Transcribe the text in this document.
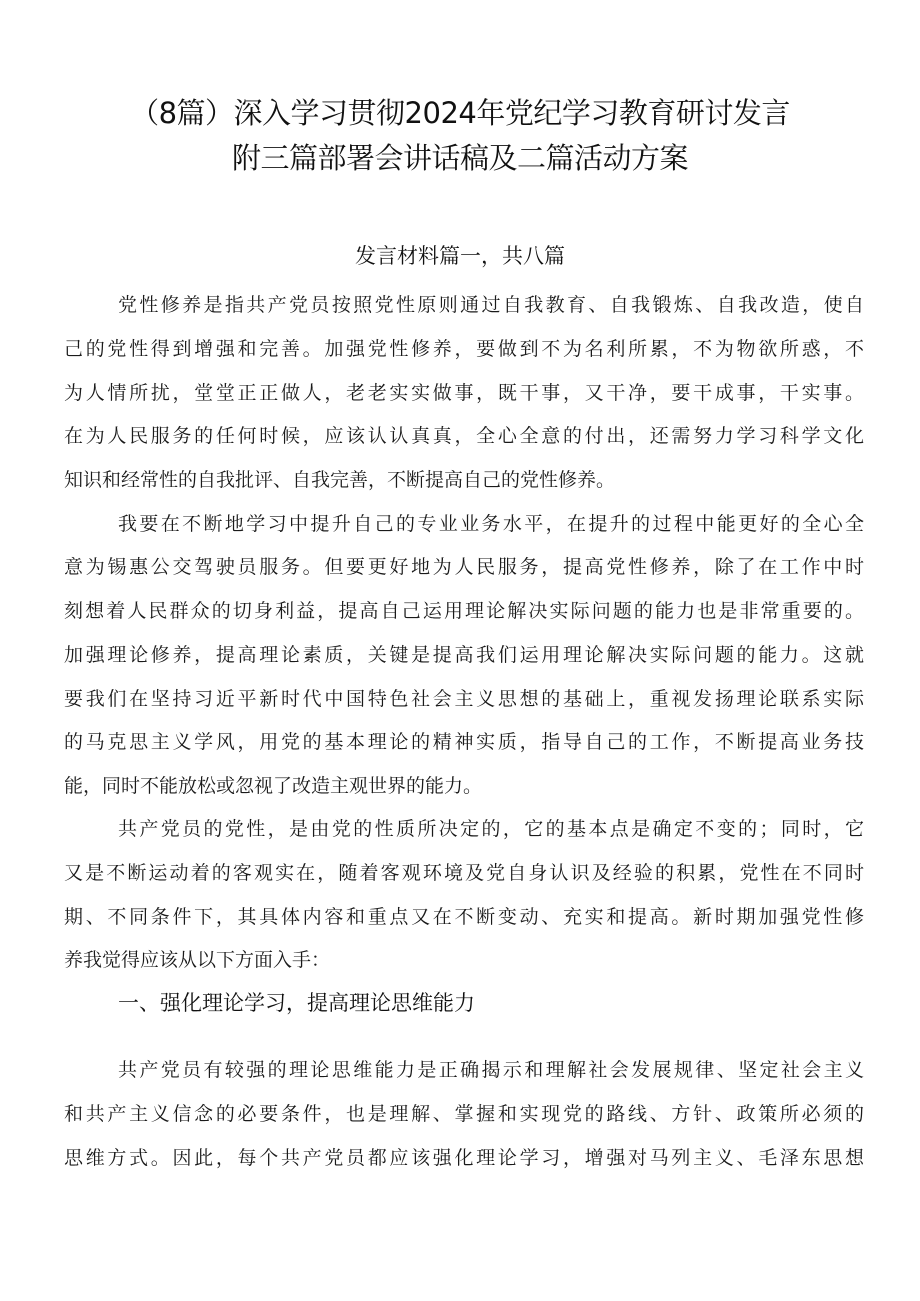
（8篇）深入学习贯彻2024年党纪学习教育研讨发言
附三篇部署会讲话稿及二篇活动方案
发言材料篇一，共八篇
党性修养是指共产党员按照党性原则通过自我教育、自我锻炼、自我改造，使自
己的党性得到增强和完善。加强党性修养，要做到不为名利所累，不为物欲所惑，不
为人情所扰，堂堂正正做人，老老实实做事，既干事，又干净，要干成事，干实事。
在为人民服务的任何时候，应该认认真真，全心全意的付出，还需努力学习科学文化
知识和经常性的自我批评、自我完善，不断提高自己的党性修养。
我要在不断地学习中提升自己的专业业务水平，在提升的过程中能更好的全心全
意为锡惠公交驾驶员服务。但要更好地为人民服务，提高党性修养，除了在工作中时
刻想着人民群众的切身利益，提高自己运用理论解决实际问题的能力也是非常重要的。
加强理论修养，提高理论素质，关键是提高我们运用理论解决实际问题的能力。这就
要我们在坚持习近平新时代中国特色社会主义思想的基础上，重视发扬理论联系实际
的马克思主义学风，用党的基本理论的精神实质，指导自己的工作，不断提高业务技
能，同时不能放松或忽视了改造主观世界的能力。
共产党员的党性，是由党的性质所决定的，它的基本点是确定不变的；同时，它
又是不断运动着的客观实在，随着客观环境及党自身认识及经验的积累，党性在不同时
期、不同条件下，其具体内容和重点又在不断变动、充实和提高。新时期加强党性修
养我觉得应该从以下方面入手：
一、强化理论学习，提高理论思维能力
共产党员有较强的理论思维能力是正确揭示和理解社会发展规律、坚定社会主义
和共产主义信念的必要条件，也是理解、掌握和实现党的路线、方针、政策所必须的
思维方式。因此，每个共产党员都应该强化理论学习，增强对马列主义、毛泽东思想
